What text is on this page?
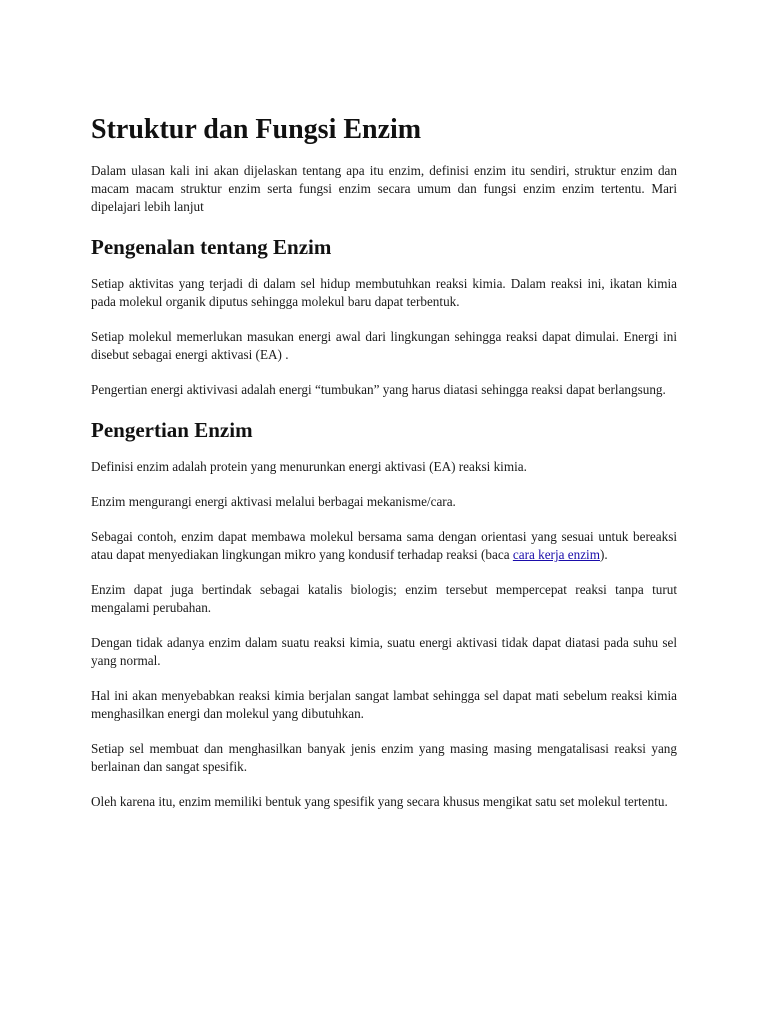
Struktur dan Fungsi Enzim

Dalam ulasan kali ini akan dijelaskan tentang apa itu enzim, definisi enzim itu sendiri, struktur enzim dan macam macam struktur enzim serta fungsi enzim secara umum dan fungsi enzim enzim tertentu. Mari dipelajari lebih lanjut

Pengenalan tentang Enzim

Setiap aktivitas yang terjadi di dalam sel hidup membutuhkan reaksi kimia. Dalam reaksi ini, ikatan kimia pada molekul organik diputus sehingga molekul baru dapat terbentuk.

Setiap molekul memerlukan masukan energi awal dari lingkungan sehingga reaksi dapat dimulai. Energi ini disebut sebagai energi aktivasi (EA) .

Pengertian energi aktivivasi adalah energi “tumbukan” yang harus diatasi sehingga reaksi dapat berlangsung.

Pengertian Enzim

Definisi enzim adalah protein yang menurunkan energi aktivasi (EA) reaksi kimia.

Enzim mengurangi energi aktivasi melalui berbagai mekanisme/cara.

Sebagai contoh, enzim dapat membawa molekul bersama sama dengan orientasi yang sesuai untuk bereaksi atau dapat menyediakan lingkungan mikro yang kondusif terhadap reaksi (baca cara kerja enzim).

Enzim dapat juga bertindak sebagai katalis biologis; enzim tersebut mempercepat reaksi tanpa turut mengalami perubahan.

Dengan tidak adanya enzim dalam suatu reaksi kimia, suatu energi aktivasi tidak dapat diatasi pada suhu sel yang normal.

Hal ini akan menyebabkan reaksi kimia berjalan sangat lambat sehingga sel dapat mati sebelum reaksi kimia menghasilkan energi dan molekul yang dibutuhkan.

Setiap sel membuat dan menghasilkan banyak jenis enzim yang masing masing mengatalisasi reaksi yang berlainan dan sangat spesifik.

Oleh karena itu, enzim memiliki bentuk yang spesifik yang secara khusus mengikat satu set molekul tertentu.
